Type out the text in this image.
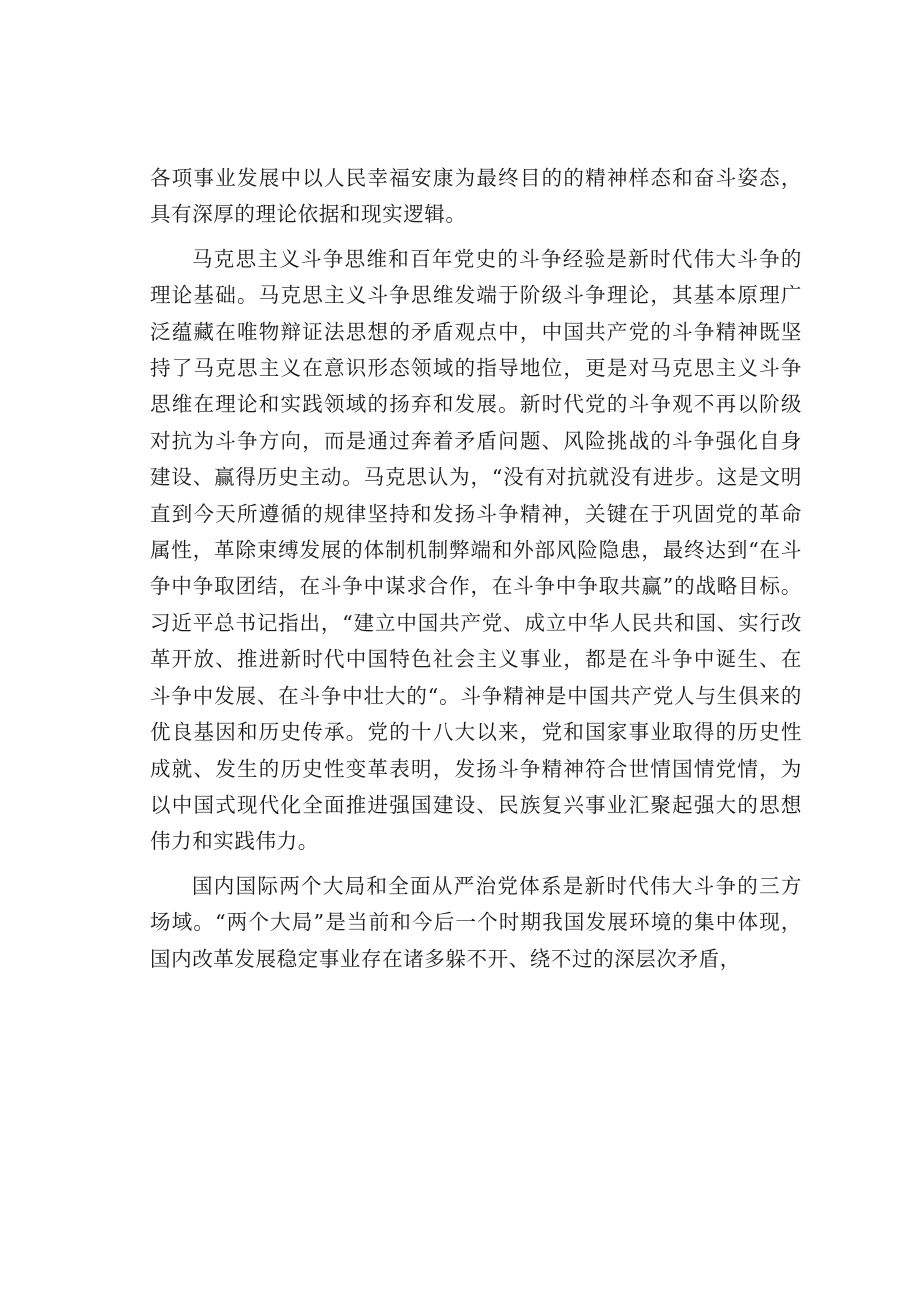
各项事业发展中以人民幸福安康为最终目的的精神样态和奋斗姿态，具有深厚的理论依据和现实逻辑。

马克思主义斗争思维和百年党史的斗争经验是新时代伟大斗争的理论基础。马克思主义斗争思维发端于阶级斗争理论，其基本原理广泛蕴藏在唯物辩证法思想的矛盾观点中，中国共产党的斗争精神既坚持了马克思主义在意识形态领域的指导地位，更是对马克思主义斗争思维在理论和实践领域的扬弃和发展。新时代党的斗争观不再以阶级对抗为斗争方向，而是通过奔着矛盾问题、风险挑战的斗争强化自身建设、赢得历史主动。马克思认为，“没有对抗就没有进步。这是文明直到今天所遵循的规律坚持和发扬斗争精神，关键在于巩固党的革命属性，革除束缚发展的体制机制弊端和外部风险隐患，最终达到“在斗争中争取团结，在斗争中谋求合作，在斗争中争取共赢”的战略目标。习近平总书记指出，“建立中国共产党、成立中华人民共和国、实行改革开放、推进新时代中国特色社会主义事业，都是在斗争中诞生、在斗争中发展、在斗争中壮大的“。斗争精神是中国共产党人与生俱来的优良基因和历史传承。党的十八大以来，党和国家事业取得的历史性成就、发生的历史性变革表明，发扬斗争精神符合世情国情党情，为以中国式现代化全面推进强国建设、民族复兴事业汇聚起强大的思想伟力和实践伟力。

国内国际两个大局和全面从严治党体系是新时代伟大斗争的三方场域。“两个大局”是当前和今后一个时期我国发展环境的集中体现，国内改革发展稳定事业存在诸多躲不开、绕不过的深层次矛盾，
